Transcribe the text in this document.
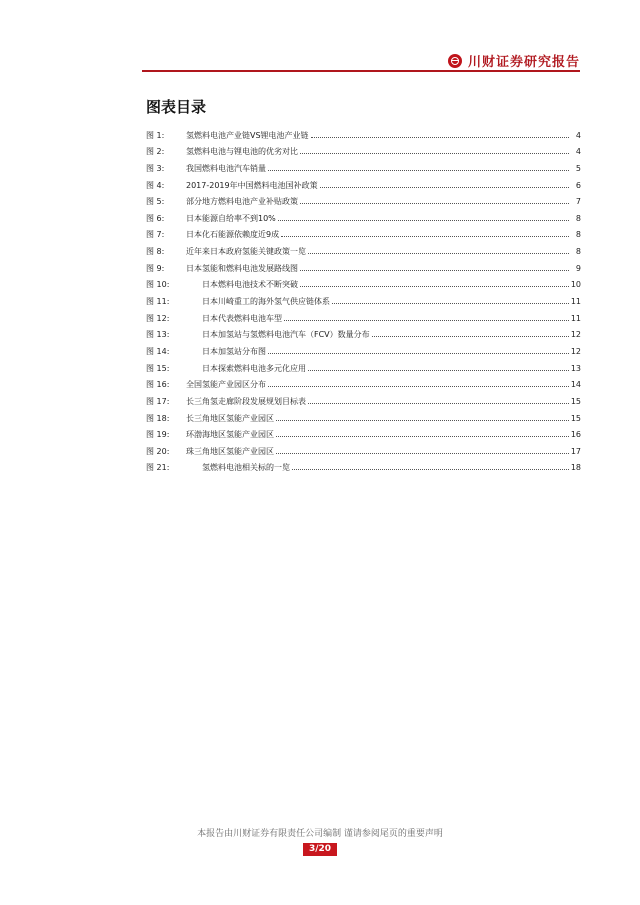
川财证券研究报告
图表目录
图 1:	氢燃料电池产业链VS锂电池产业链	4
图 2:	氢燃料电池与锂电池的优劣对比	4
图 3:	我国燃料电池汽车销量	5
图 4:	2017-2019年中国燃料电池国补政策	6
图 5:	部分地方燃料电池产业补贴政策	7
图 6:	日本能源自给率不到10%	8
图 7:	日本化石能源依赖度近9成	8
图 8:	近年来日本政府氢能关键政策一览	8
图 9:	日本氢能和燃料电池发展路线图	9
图 10:	日本燃料电池技术不断突破	10
图 11:	日本川崎重工的海外氢气供应链体系	11
图 12:	日本代表燃料电池车型	11
图 13:	日本加氢站与氢燃料电池汽车（FCV）数量分布	12
图 14:	日本加氢站分布图	12
图 15:	日本探索燃料电池多元化应用	13
图 16:	全国氢能产业园区分布	14
图 17:	长三角氢走廊阶段发展规划目标表	15
图 18:	长三角地区氢能产业园区	15
图 19:	环渤海地区氢能产业园区	16
图 20:	珠三角地区氢能产业园区	17
图 21:	氢燃料电池相关标的一览	18
本报告由川财证券有限责任公司编制 谨请参阅尾页的重要声明
3/20
